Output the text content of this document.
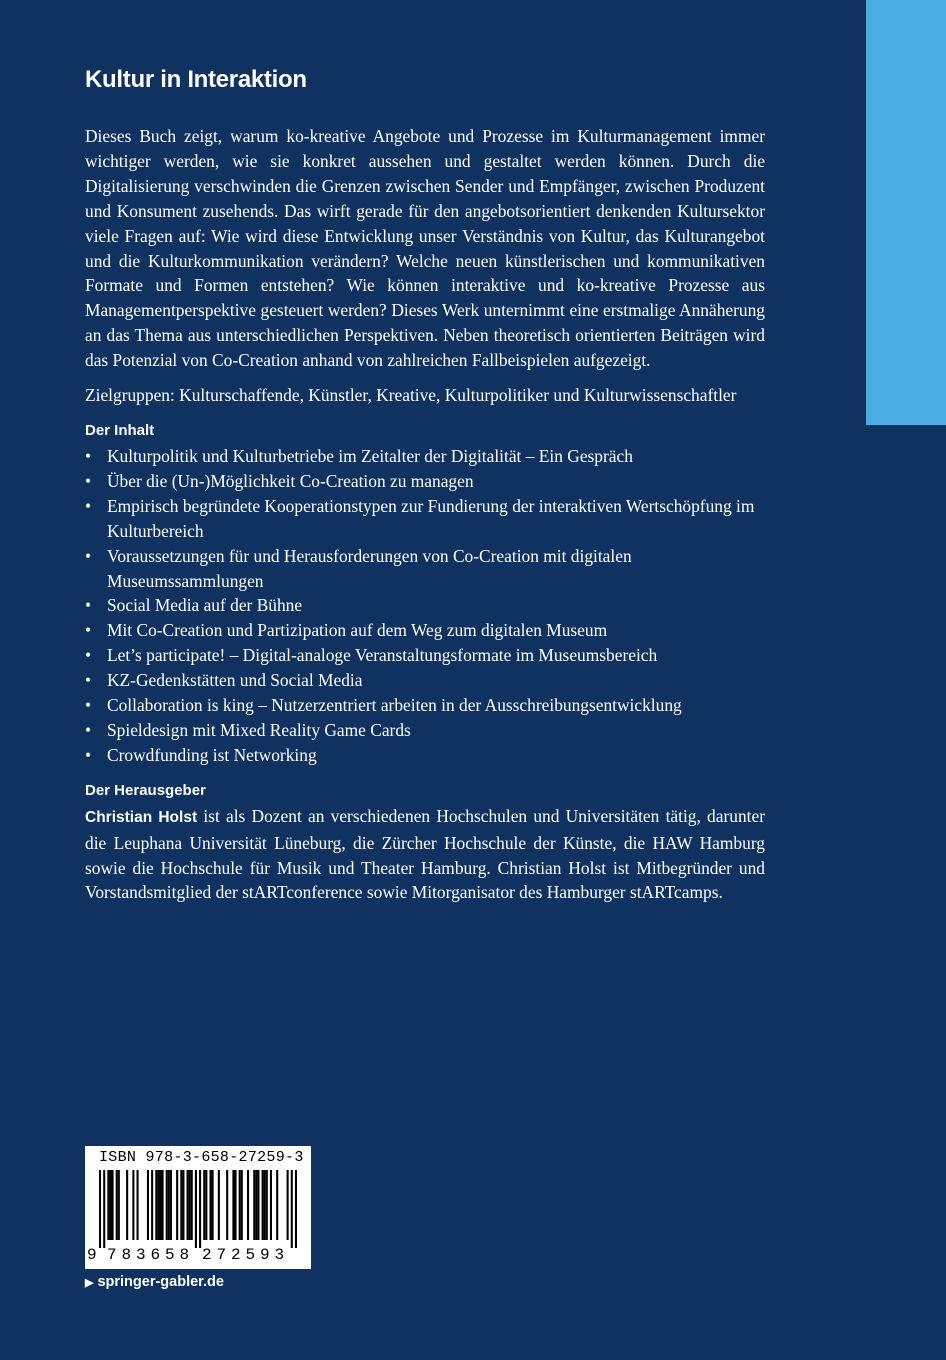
Kultur in Interaktion

Dieses Buch zeigt, warum ko-kreative Angebote und Prozesse im Kulturmanagement immer wichtiger werden, wie sie konkret aussehen und gestaltet werden können. Durch die Digitalisierung verschwinden die Grenzen zwischen Sender und Empfänger, zwischen Produzent und Konsument zusehends. Das wirft gerade für den angebotsorientiert denkenden Kultursektor viele Fragen auf: Wie wird diese Entwicklung unser Verständnis von Kultur, das Kulturangebot und die Kulturkommunikation verändern? Welche neuen künstlerischen und kommunikativen Formate und Formen entstehen? Wie können interaktive und ko-kreative Prozesse aus Managementperspektive gesteuert werden? Dieses Werk unternimmt eine erstmalige Annäherung an das Thema aus unterschiedlichen Perspektiven. Neben theoretisch orientierten Beiträgen wird das Potenzial von Co-Creation anhand von zahlreichen Fallbeispielen aufgezeigt.

Zielgruppen: Kulturschaffende, Künstler, Kreative, Kulturpolitiker und Kulturwissenschaftler

Der Inhalt
• Kulturpolitik und Kulturbetriebe im Zeitalter der Digitalität – Ein Gespräch
• Über die (Un-)Möglichkeit Co-Creation zu managen
• Empirisch begründete Kooperationstypen zur Fundierung der interaktiven Wertschöpfung im Kulturbereich
• Voraussetzungen für und Herausforderungen von Co-Creation mit digitalen Museumssammlungen
• Social Media auf der Bühne
• Mit Co-Creation und Partizipation auf dem Weg zum digitalen Museum
• Let’s participate! – Digital-analoge Veranstaltungsformate im Museumsbereich
• KZ-Gedenkstätten und Social Media
• Collaboration is king – Nutzerzentriert arbeiten in der Ausschreibungsentwicklung
• Spieldesign mit Mixed Reality Game Cards
• Crowdfunding ist Networking
Der Herausgeber

Christian Holst ist als Dozent an verschiedenen Hochschulen und Universitäten tätig, darunter die Leuphana Universität Lüneburg, die Zürcher Hochschule der Künste, die HAW Hamburg sowie die Hochschule für Musik und Theater Hamburg. Christian Holst ist Mitbegründer und Vorstandsmitglied der stARTconference sowie Mitorganisator des Hamburger stARTcamps.

ISBN 978-3-658-27259-3
9 7 8 3 6 5 8 2 7 2 5 9 3
▶ springer-gabler.de
